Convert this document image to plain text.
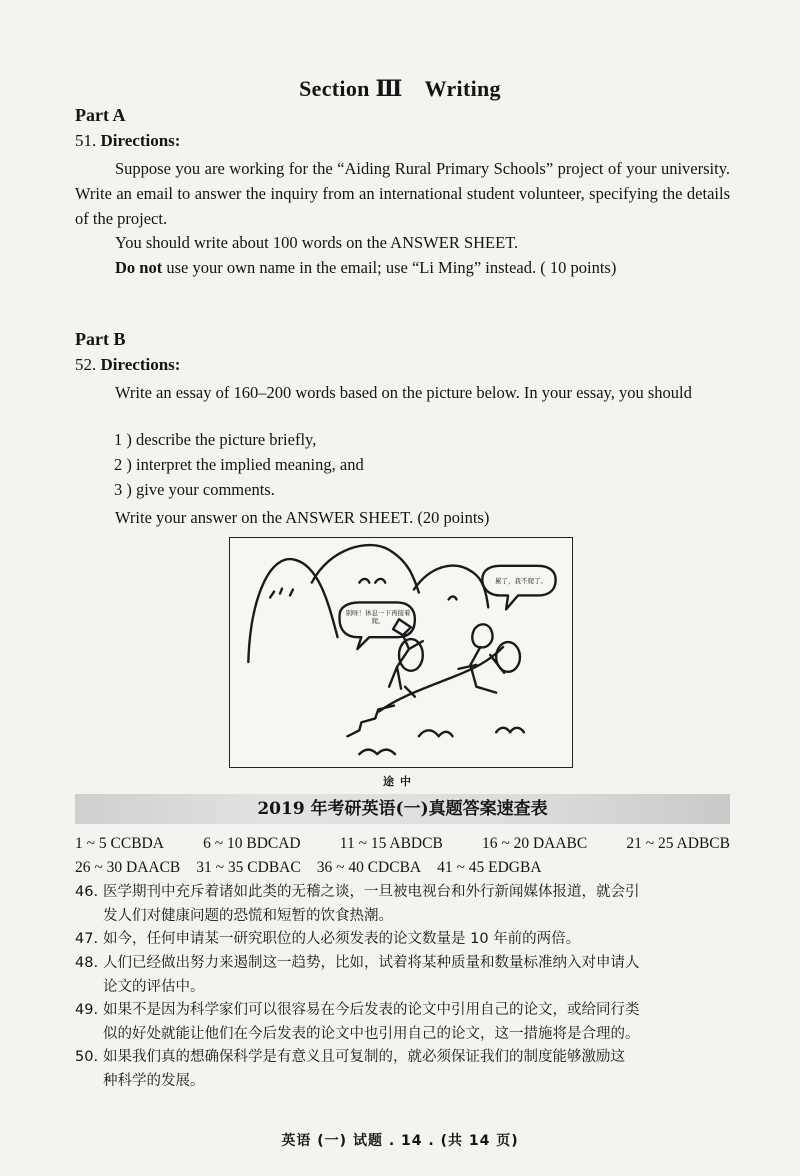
Section Ⅲ Writing
Part A
51. Directions:
Suppose you are working for the “Aiding Rural Primary Schools” project of your university. Write an email to answer the inquiry from an international student volunteer, specifying the details of the project.
You should write about 100 words on the ANSWER SHEET.
Do not use your own name in the email; use “Li Ming” instead. ( 10 points)
Part B
52. Directions:
Write an essay of 160–200 words based on the picture below. In your essay, you should
1 ) describe the picture briefly,
2 ) interpret the implied meaning, and
3 ) give your comments.
Write your answer on the ANSWER SHEET. (20 points)
别呀！休息一下再接着爬。
累了，我不爬了。
途中
2019 年考研英语(一)真题答案速查表
1 ~ 5 CCBDA	6 ~ 10 BDCAD	11 ~ 15 ABDCB	16 ~ 20 DAABC	21 ~ 25 ADBCB
26 ~ 30 DAACB 31 ~ 35 CDBAC 36 ~ 40 CDCBA 41 ~ 45 EDGBA
46. 医学期刊中充斥着诸如此类的无稽之谈，一旦被电视台和外行新闻媒体报道，就会引
发人们对健康问题的恐慌和短暂的饮食热潮。
47. 如今，任何申请某一研究职位的人必须发表的论文数量是 10 年前的两倍。
48. 人们已经做出努力来遏制这一趋势，比如，试着将某种质量和数量标准纳入对申请人
论文的评估中。
49. 如果不是因为科学家们可以很容易在今后发表的论文中引用自己的论文，或给同行类
似的好处就能让他们在今后发表的论文中也引用自己的论文，这一措施将是合理的。
50. 如果我们真的想确保科学是有意义且可复制的，就必须保证我们的制度能够激励这
种科学的发展。
英语 (一) 试题 . 14 . (共 14 页)
